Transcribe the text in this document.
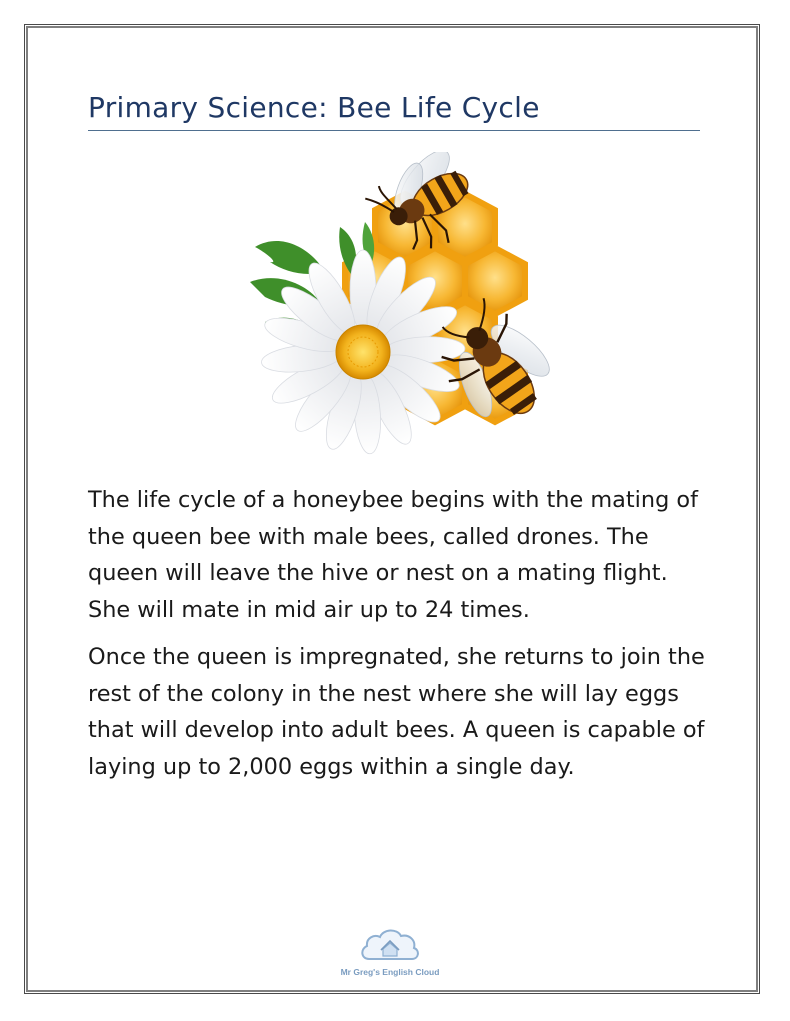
Primary Science: Bee Life Cycle

The life cycle of a honeybee begins with the mating of the queen bee with male bees, called drones. The queen will leave the hive or nest on a mating flight. She will mate in mid air up to 24 times.

Once the queen is impregnated, she returns to join the rest of the colony in the nest where she will lay eggs that will develop into adult bees. A queen is capable of laying up to 2,000 eggs within a single day.

Mr Greg's English Cloud
